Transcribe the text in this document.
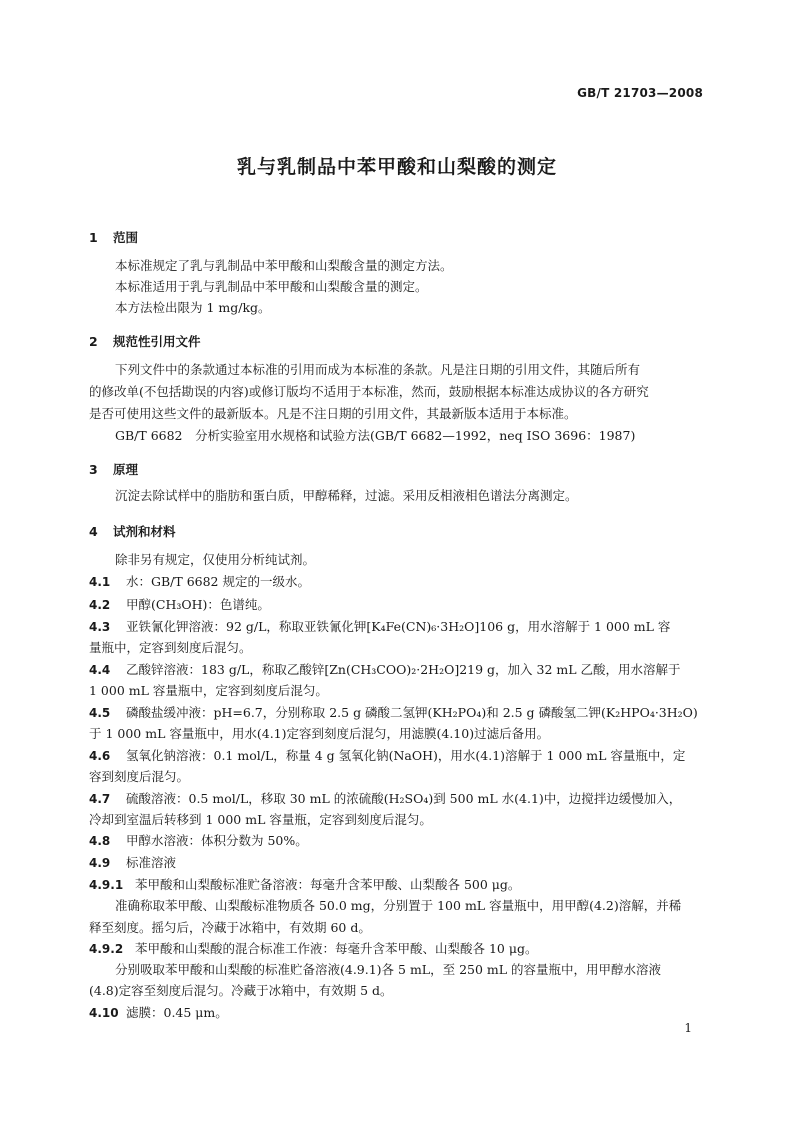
GB/T 21703—2008
乳与乳制品中苯甲酸和山梨酸的测定
1 范围
本标准规定了乳与乳制品中苯甲酸和山梨酸含量的测定方法。
本标准适用于乳与乳制品中苯甲酸和山梨酸含量的测定。
本方法检出限为 1 mg/kg。
2 规范性引用文件
下列文件中的条款通过本标准的引用而成为本标准的条款。凡是注日期的引用文件，其随后所有
的修改单(不包括勘误的内容)或修订版均不适用于本标准，然而，鼓励根据本标准达成协议的各方研究
是否可使用这些文件的最新版本。凡是不注日期的引用文件，其最新版本适用于本标准。
GB/T 6682　分析实验室用水规格和试验方法(GB/T 6682—1992，neq ISO 3696：1987)
3 原理
沉淀去除试样中的脂肪和蛋白质，甲醇稀释，过滤。采用反相液相色谱法分离测定。
4 试剂和材料
除非另有规定，仅使用分析纯试剂。
4.1 水：GB/T 6682 规定的一级水。
4.2 甲醇(CH₃OH)：色谱纯。
4.3 亚铁氰化钾溶液：92 g/L，称取亚铁氰化钾[K₄Fe(CN)₆·3H₂O]106 g，用水溶解于 1 000 mL 容
量瓶中，定容到刻度后混匀。
4.4 乙酸锌溶液：183 g/L，称取乙酸锌[Zn(CH₃COO)₂·2H₂O]219 g，加入 32 mL 乙酸，用水溶解于
1 000 mL 容量瓶中，定容到刻度后混匀。
4.5 磷酸盐缓冲液：pH=6.7，分别称取 2.5 g 磷酸二氢钾(KH₂PO₄)和 2.5 g 磷酸氢二钾(K₂HPO₄·3H₂O)
于 1 000 mL 容量瓶中，用水(4.1)定容到刻度后混匀，用滤膜(4.10)过滤后备用。
4.6 氢氧化钠溶液：0.1 mol/L，称量 4 g 氢氧化钠(NaOH)，用水(4.1)溶解于 1 000 mL 容量瓶中，定
容到刻度后混匀。
4.7 硫酸溶液：0.5 mol/L，移取 30 mL 的浓硫酸(H₂SO₄)到 500 mL 水(4.1)中，边搅拌边缓慢加入，
冷却到室温后转移到 1 000 mL 容量瓶，定容到刻度后混匀。
4.8 甲醇水溶液：体积分数为 50%。
4.9 标准溶液
4.9.1 苯甲酸和山梨酸标准贮备溶液：每毫升含苯甲酸、山梨酸各 500 μg。
准确称取苯甲酸、山梨酸标准物质各 50.0 mg，分别置于 100 mL 容量瓶中，用甲醇(4.2)溶解，并稀
释至刻度。摇匀后，冷藏于冰箱中，有效期 60 d。
4.9.2 苯甲酸和山梨酸的混合标准工作液：每毫升含苯甲酸、山梨酸各 10 μg。
分别吸取苯甲酸和山梨酸的标准贮备溶液(4.9.1)各 5 mL，至 250 mL 的容量瓶中，用甲醇水溶液
(4.8)定容至刻度后混匀。冷藏于冰箱中，有效期 5 d。
4.10 滤膜：0.45 μm。
1
